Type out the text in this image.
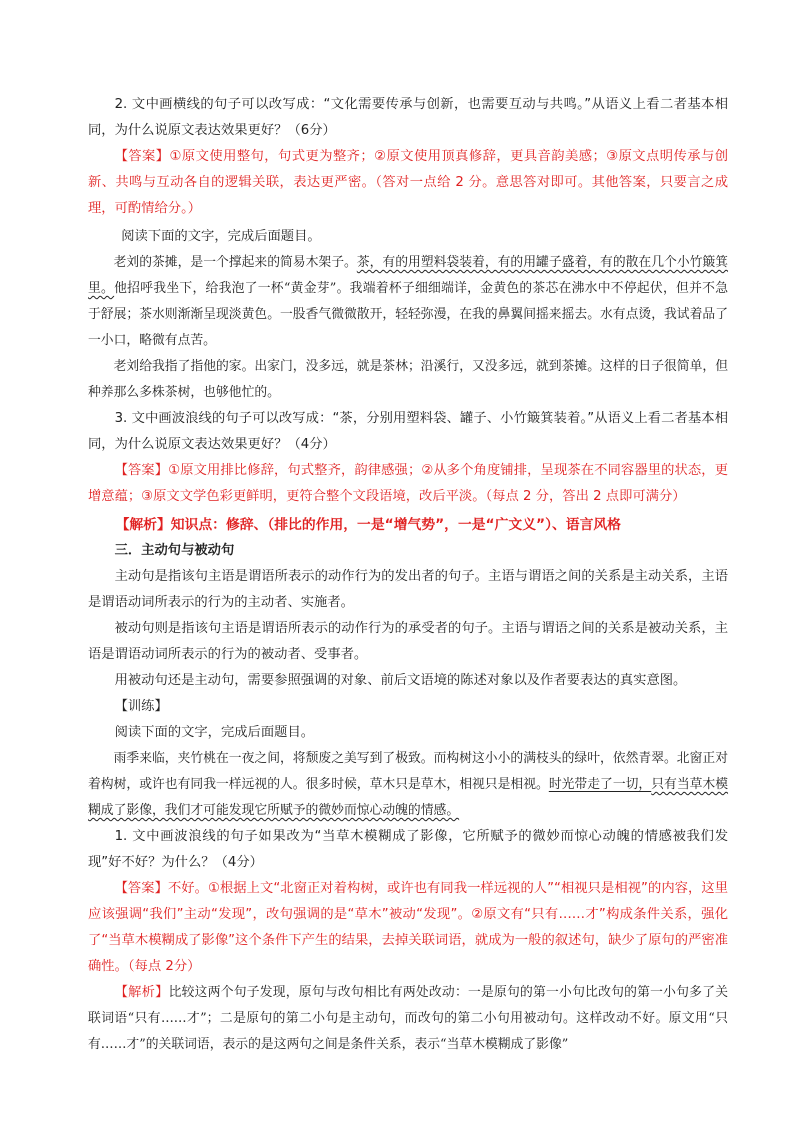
2. 文中画横线的句子可以改写成：“文化需要传承与创新，也需要互动与共鸣。”从语义上看二者基本相同，为什么说原文表达效果更好？（6分）

【答案】①原文使用整句，句式更为整齐；②原文使用顶真修辞，更具音韵美感；③原文点明传承与创新、共鸣与互动各自的逻辑关联，表达更严密。（答对一点给 2 分。意思答对即可。其他答案，只要言之成理，可酌情给分。）

阅读下面的文字，完成后面题目。

老刘的茶摊，是一个撑起来的简易木架子。茶，有的用塑料袋装着，有的用罐子盛着，有的散在几个小竹簸箕里。他招呼我坐下，给我泡了一杯“黄金芽”。我端着杯子细细端详，金黄色的茶芯在沸水中不停起伏，但并不急于舒展；茶水则渐渐呈现淡黄色。一股香气微微散开，轻轻弥漫，在我的鼻翼间摇来摇去。水有点烫，我试着品了一小口，略微有点苦。

老刘给我指了指他的家。出家门，没多远，就是茶林；沿溪行，又没多远，就到茶摊。这样的日子很简单，但种养那么多株茶树，也够他忙的。

3. 文中画波浪线的句子可以改写成：“茶，分别用塑料袋、罐子、小竹簸箕装着。”从语义上看二者基本相同，为什么说原文表达效果更好？（4分）

【答案】①原文用排比修辞，句式整齐，韵律感强；②从多个角度铺排，呈现茶在不同容器里的状态，更增意蕴；③原文文学色彩更鲜明，更符合整个文段语境，改后平淡。（每点 2 分，答出 2 点即可满分）

【解析】知识点：修辞、（排比的作用，一是“增气势”，一是“广文义”）、语言风格

三．主动句与被动句

主动句是指该句主语是谓语所表示的动作行为的发出者的句子。主语与谓语之间的关系是主动关系，主语是谓语动词所表示的行为的主动者、实施者。

被动句则是指该句主语是谓语所表示的动作行为的承受者的句子。主语与谓语之间的关系是被动关系，主语是谓语动词所表示的行为的被动者、受事者。

用被动句还是主动句，需要参照强调的对象、前后文语境的陈述对象以及作者要表达的真实意图。

【训练】

阅读下面的文字，完成后面题目。

雨季来临，夹竹桃在一夜之间，将颓废之美写到了极致。而构树这小小的满枝头的绿叶，依然青翠。北窗正对着构树，或许也有同我一样远视的人。很多时候，草木只是草木，相视只是相视。时光带走了一切，只有当草木模糊成了影像，我们才可能发现它所赋予的微妙而惊心动魄的情感。

1. 文中画波浪线的句子如果改为“当草木模糊成了影像，它所赋予的微妙而惊心动魄的情感被我们发现”好不好？为什么？（4分）

【答案】不好。①根据上文“北窗正对着构树，或许也有同我一样远视的人”“相视只是相视”的内容，这里应该强调“我们”主动“发现”，改句强调的是“草木”被动“发现”。②原文有“只有……才”构成条件关系，强化了“当草木模糊成了影像”这个条件下产生的结果，去掉关联词语，就成为一般的叙述句，缺少了原句的严密准确性。（每点 2分）

【解析】比较这两个句子发现，原句与改句相比有两处改动：一是原句的第一小句比改句的第一小句多了关联词语“只有……才”；二是原句的第二小句是主动句，而改句的第二小句用被动句。这样改动不好。原文用“只有……才”的关联词语，表示的是这两句之间是条件关系，表示“当草木模糊成了影像”
